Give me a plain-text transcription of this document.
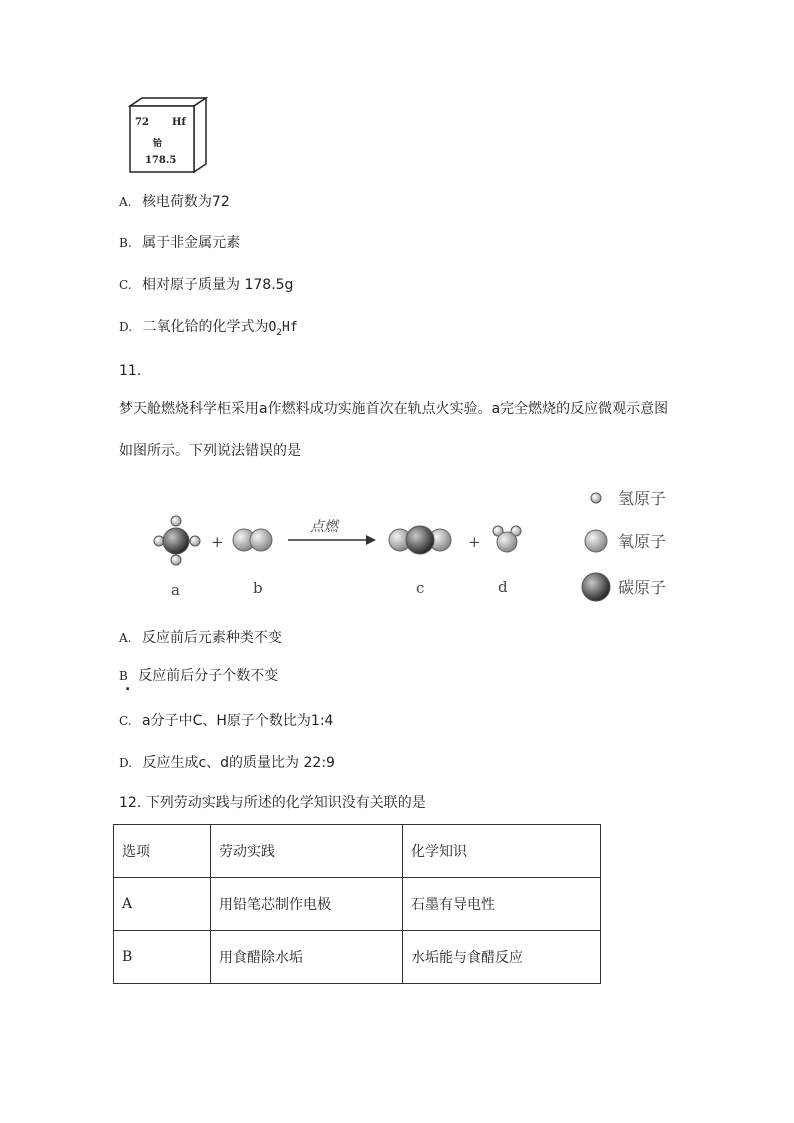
72 Hf
铪
178.5
A. 核电荷数为72
B. 属于非金属元素
C. 相对原子质量为 178.5g
D. 二氧化铪的化学式为$O_2Hf$
11.
梦天舱燃烧科学柜采用a作燃料成功实施首次在轨点火实验。a完全燃烧的反应微观示意图
如图所示。下列说法错误的是
+
点燃
+
a	b	c	d
氢原子
氧原子
碳原子
A. 反应前后元素种类不变
B 反应前后分子个数不变
.
C. a分子中C、H原子个数比为1:4
D. 反应生成c、d的质量比为 22:9
12. 下列劳动实践与所述的化学知识没有关联的是
选项	劳动实践	化学知识
A	用铅笔芯制作电极	石墨有导电性
B	用食醋除水垢	水垢能与食醋反应
